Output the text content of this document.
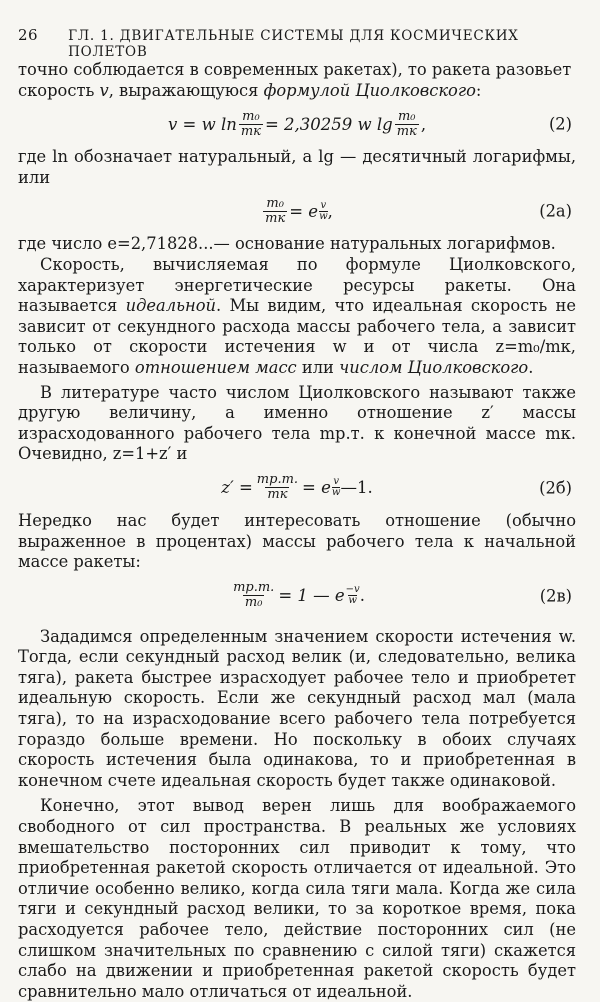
26 ГЛ. 1. ДВИГАТЕЛЬНЫЕ СИСТЕМЫ ДЛЯ КОСМИЧЕСКИХ ПОЛЕТОВ

точно соблюдается в современных ракетах), то ракета разовьет
скорость v, выражающуюся формулой Циолковского:

v = w $\ln \frac{\text{m₀}}{mк} = 2,30259$ w $\lg \frac{\text{m₀}}{mк}$ ,	(2)

где ln обозначает натуральный, а lg — десятичный логарифмы, или

$\frac{\text{m₀}}{mк} = e$ v
w ,	(2а)

где число e=2,71828...— основание натуральных логарифмов.

Скорость, вычисляемая по формуле Циолковского, характеризует энергетические ресурсы ракеты. Она называется идеальной. Мы видим, что идеальная скорость не зависит от секундного расхода массы рабочего тела, а зависит только от скорости истечения w и от числа z=m₀/mк, называемого отношением масс или числом Циолковского.

В литературе часто числом Циолковского называют также другую величину, а именно отношение z′ массы израсходованного рабочего тела mр.т. к конечной массе mк. Очевидно, z=1+z′ и

$z' = \frac{mр.т.}{mк} = e$ v
w —1.	(2б)

Нередко нас будет интересовать отношение (обычно выраженное в процентах) массы рабочего тела к начальной массе ракеты:

$\frac{mр.т.}{\text{m₀}} = 1$ — e −v
w .	(2в)

Зададимся определенным значением скорости истечения w. Тогда, если секундный расход велик (и, следовательно, велика тяга), ракета быстрее израсходует рабочее тело и приобретет идеальную скорость. Если же секундный расход мал (мала тяга), то на израсходование всего рабочего тела потребуется гораздо больше времени. Но поскольку в обоих случаях скорость истечения была одинакова, то и приобретенная в конечном счете идеальная скорость будет также одинаковой.

Конечно, этот вывод верен лишь для воображаемого свободного от сил пространства. В реальных же условиях вмешательство посторонних сил приводит к тому, что приобретенная ракетой скорость отличается от идеальной. Это отличие особенно велико, когда сила тяги мала. Когда же сила тяги и секундный расход велики, то за короткое время, пока расходуется рабочее тело, действие посторонних сил (не слишком значительных по сравнению с силой тяги) скажется слабо на движении и приобретенная ракетой скорость будет сравнительно мало отличаться от идеальной.
